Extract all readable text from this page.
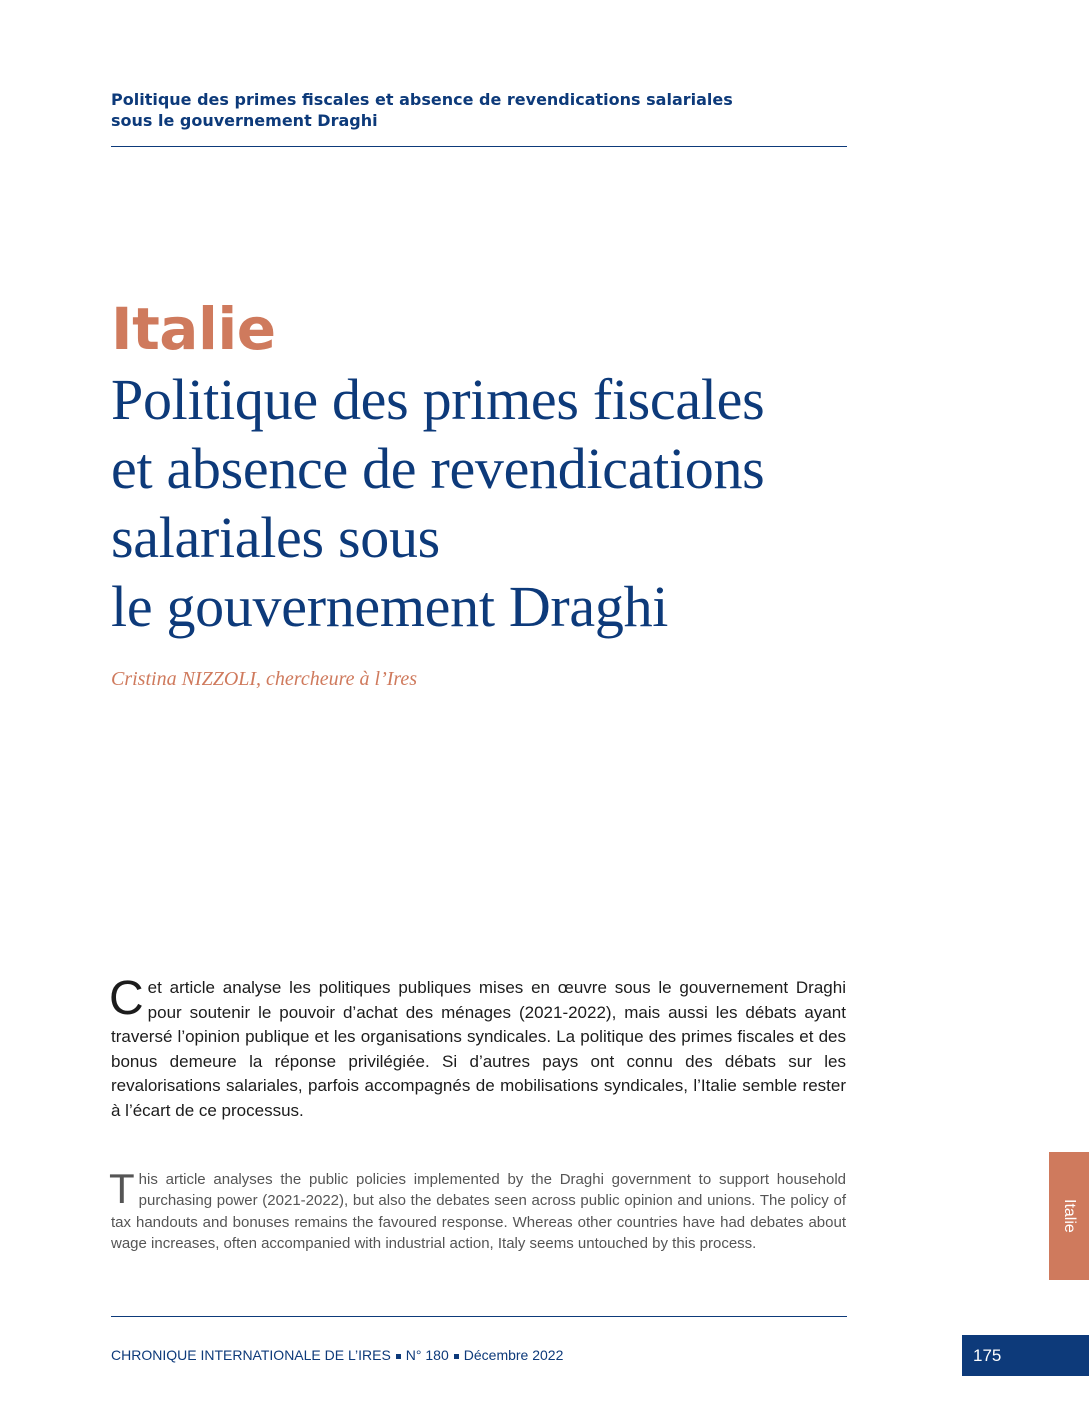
Politique des primes fiscales et absence de revendications salariales
sous le gouvernement Draghi
Italie
Politique des primes fiscales
et absence de revendications
salariales sous
le gouvernement Draghi
Cristina NIZZOLI, chercheure à l’Ires
Cet article analyse les politiques publiques mises en œuvre sous le gouvernement Draghi pour soutenir le pouvoir d’achat des ménages (2021-2022), mais aussi les débats ayant traversé l’opinion publique et les organisations syndicales. La politique des primes fiscales et des bonus demeure la réponse privilégiée. Si d’autres pays ont connu des débats sur les revalorisations salariales, parfois accompagnés de mobilisations syndicales, l’Italie semble rester à l’écart de ce processus.
This article analyses the public policies implemented by the Draghi government to support household purchasing power (2021-2022), but also the debates seen across public opinion and unions. The policy of tax handouts and bonuses remains the favoured response. Whereas other countries have had debates about wage increases, often accompanied with industrial action, Italy seems untouched by this process.
Italie
CHRONIQUE INTERNATIONALE DE L’IRES N° 180 Décembre 2022	175
